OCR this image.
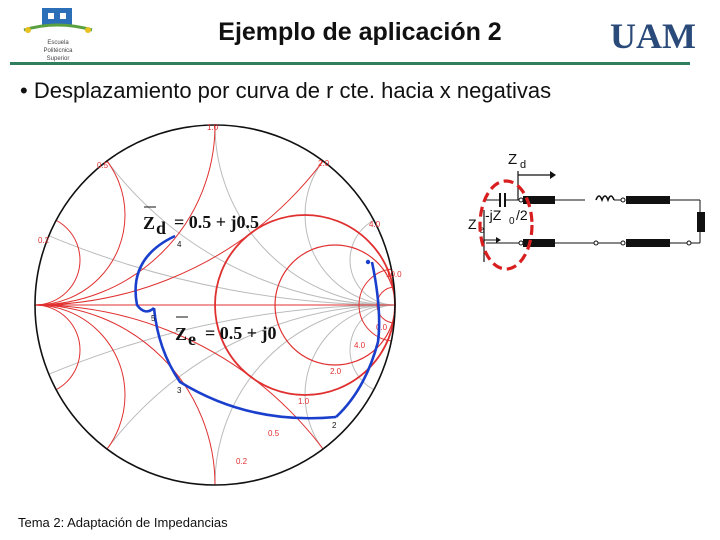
Escuela
Politécnica
Superior
Ejemplo de aplicación 2	UAM
• Desplazamiento por curva de r cte. hacia x negativas
1.0
0.5	2.0
0.2
4.0
10.0
0.0
4.0
2.0
1.0
0.5
0.2
4
5
3
2
Z d = 0.5 + j0.5
Z e = 0.5 + j0
Z d
Z e
-jZ 0 /2
Tema 2: Adaptación de Impedancias
